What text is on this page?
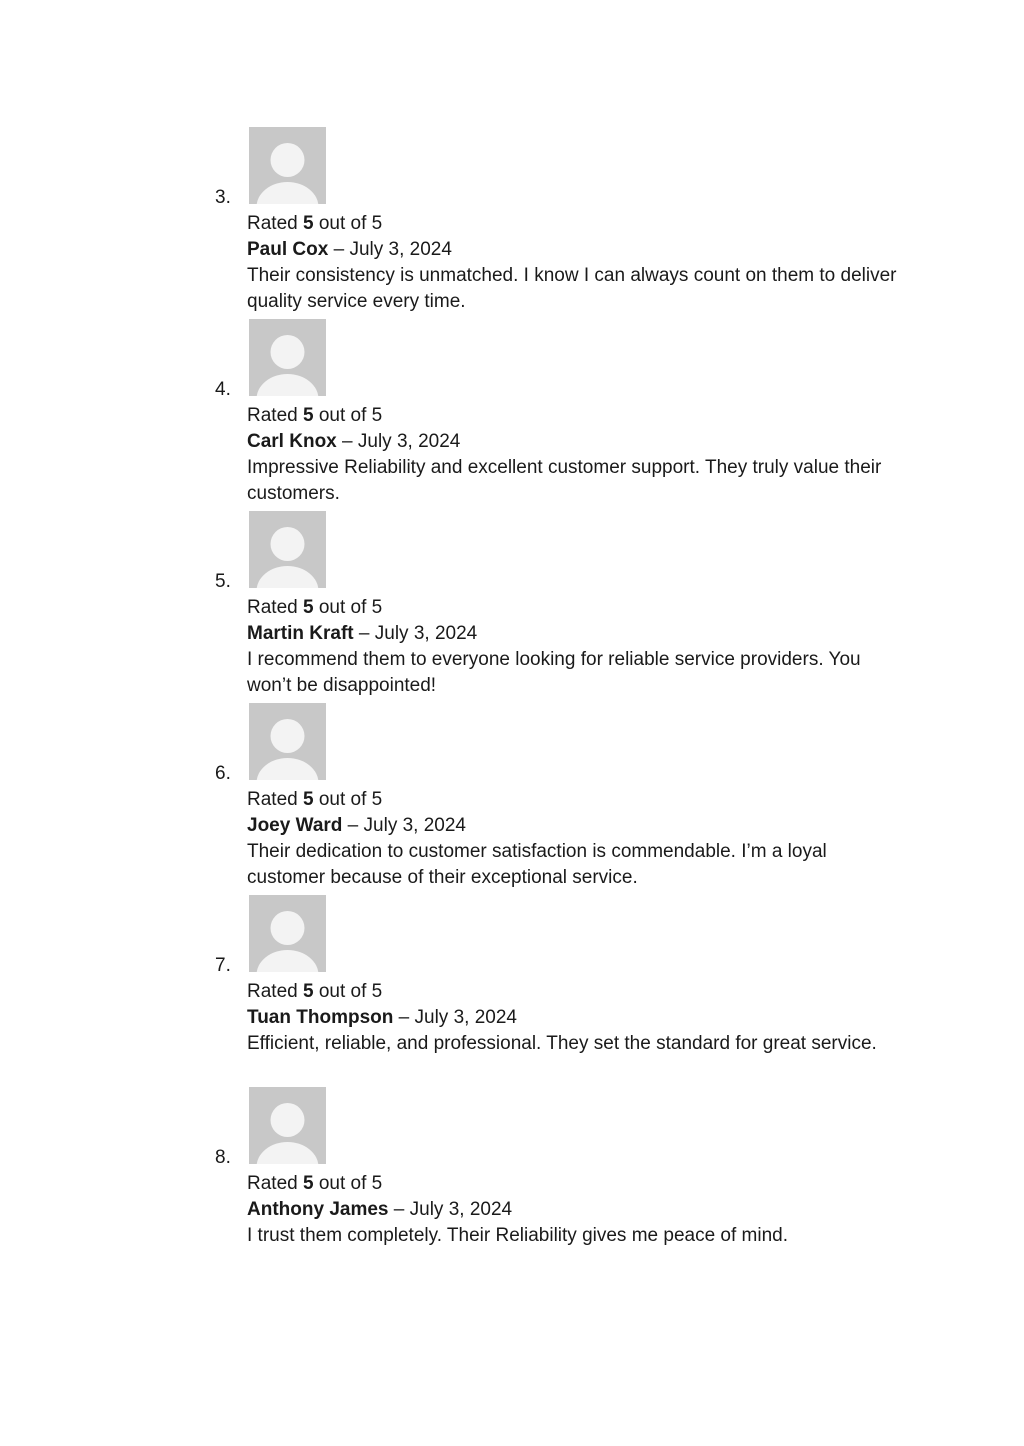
3.

Rated 5 out of 5

Paul Cox – July 3, 2024

Their consistency is unmatched. I know I can always count on them to deliver quality service every time.

4.

Rated 5 out of 5

Carl Knox – July 3, 2024

Impressive Reliability and excellent customer support. They truly value their customers.

5.

Rated 5 out of 5

Martin Kraft – July 3, 2024

I recommend them to everyone looking for reliable service providers. You won’t be disappointed!

6.

Rated 5 out of 5

Joey Ward – July 3, 2024

Their dedication to customer satisfaction is commendable. I’m a loyal customer because of their exceptional service.

7.

Rated 5 out of 5

Tuan Thompson – July 3, 2024

Efficient, reliable, and professional. They set the standard for great service.

8.

Rated 5 out of 5

Anthony James – July 3, 2024

I trust them completely. Their Reliability gives me peace of mind.
